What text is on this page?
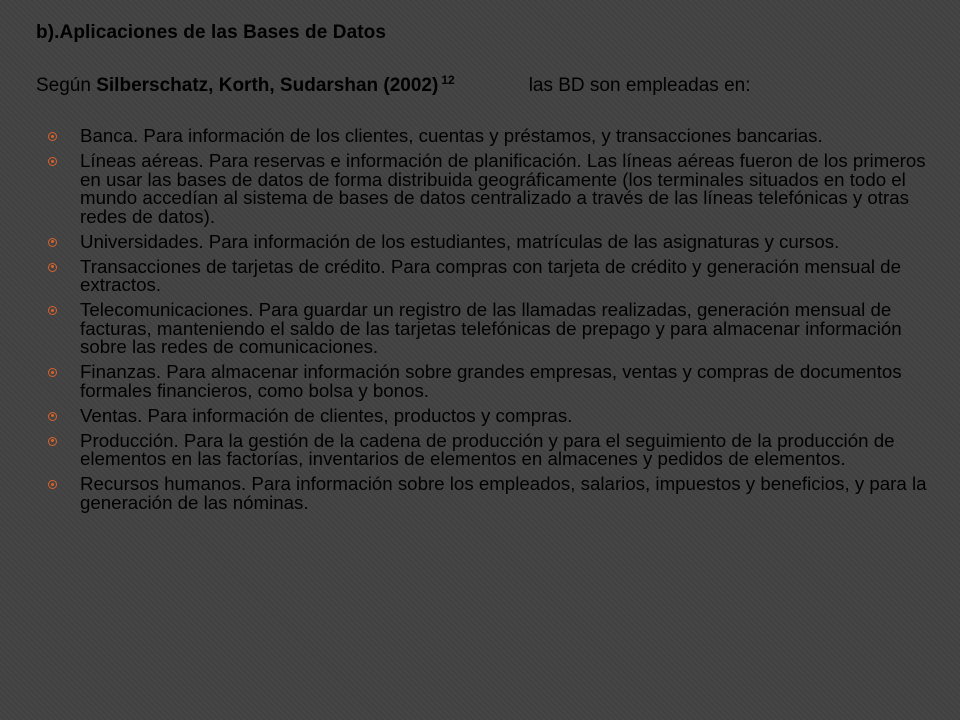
b).Aplicaciones de las Bases de Datos
Según Silberschatz, Korth, Sudarshan (2002) $^{12}$	las BD son empleadas en:
Banca. Para información de los clientes, cuentas y préstamos, y transacciones bancarias.
Líneas aéreas. Para reservas e información de planificación. Las líneas aéreas fueron de los primeros en usar las bases de datos de forma distribuida geográficamente (los terminales situados en todo el mundo accedían al sistema de bases de datos centralizado a través de las líneas telefónicas y otras redes de datos).
Universidades. Para información de los estudiantes, matrículas de las asignaturas y cursos.
Transacciones de tarjetas de crédito. Para compras con tarjeta de crédito y generación mensual de extractos.
Telecomunicaciones. Para guardar un registro de las llamadas realizadas, generación mensual de facturas, manteniendo el saldo de las tarjetas telefónicas de prepago y para almacenar información sobre las redes de comunicaciones.
Finanzas. Para almacenar información sobre grandes empresas, ventas y compras de documentos formales financieros, como bolsa y bonos.
Ventas. Para información de clientes, productos y compras.
Producción. Para la gestión de la cadena de producción y para el seguimiento de la producción de elementos en las factorías, inventarios de elementos en almacenes y pedidos de elementos.
Recursos humanos. Para información sobre los empleados, salarios, impuestos y beneficios, y para la generación de las nóminas.
